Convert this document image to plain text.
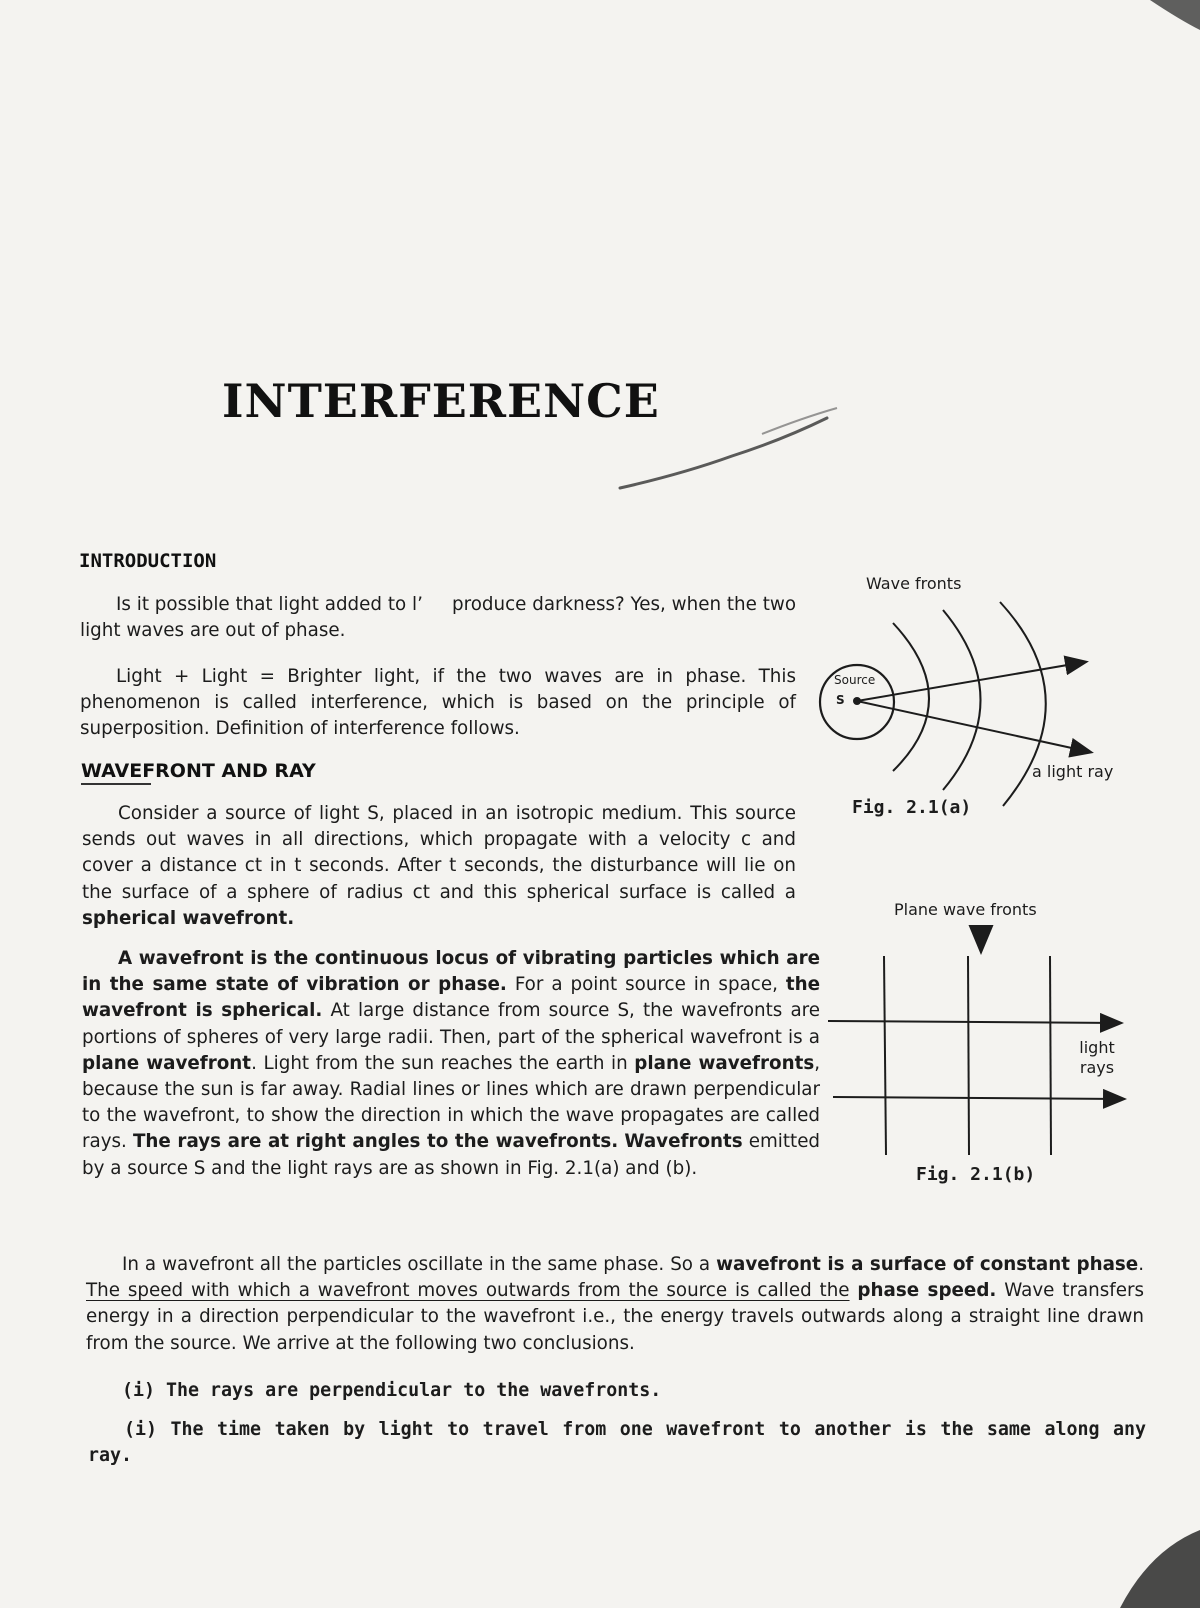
INTERFERENCE
INTRODUCTION

Is it possible that light added to l’ produce darkness? Yes, when the two light waves are out of phase.

Light + Light = Brighter light, if the two waves are in phase. This phenomenon is called interference, which is based on the principle of superposition. Definition of interference follows.

WAVEFRONT AND RAY

Consider a source of light S, placed in an isotropic medium. This source sends out waves in all directions, which propagate with a velocity c and cover a distance ct in t seconds. After t seconds, the disturbance will lie on the surface of a sphere of radius ct and this spherical surface is called a spherical wavefront.

A wavefront is the continuous locus of vibrating particles which are in the same state of vibration or phase. For a point source in space, the wavefront is spherical. At large distance from source S, the wavefronts are portions of spheres of very large radii. Then, part of the spherical wavefront is a plane wavefront. Light from the sun reaches the earth in plane wavefronts, because the sun is far away. Radial lines or lines which are drawn perpendicular to the wavefront, to show the direction in which the wave propagates are called rays. The rays are at right angles to the wavefronts. Wavefronts emitted by a source S and the light rays are as shown in Fig. 2.1(a) and (b).

In a wavefront all the particles oscillate in the same phase. So a wavefront is a surface of constant phase. The speed with which a wavefront moves outwards from the source is called the phase speed. Wave transfers energy in a direction perpendicular to the wavefront i.e., the energy travels outwards along a straight line drawn from the source. We arrive at the following two conclusions.

(i) The rays are perpendicular to the wavefronts.

(i) The time taken by light to travel from one wavefront to another is the same along any ray.

Wave fronts
Source
S
a light ray
Fig. 2.1(a)
Plane wave fronts
light
rays
Fig. 2.1(b)
